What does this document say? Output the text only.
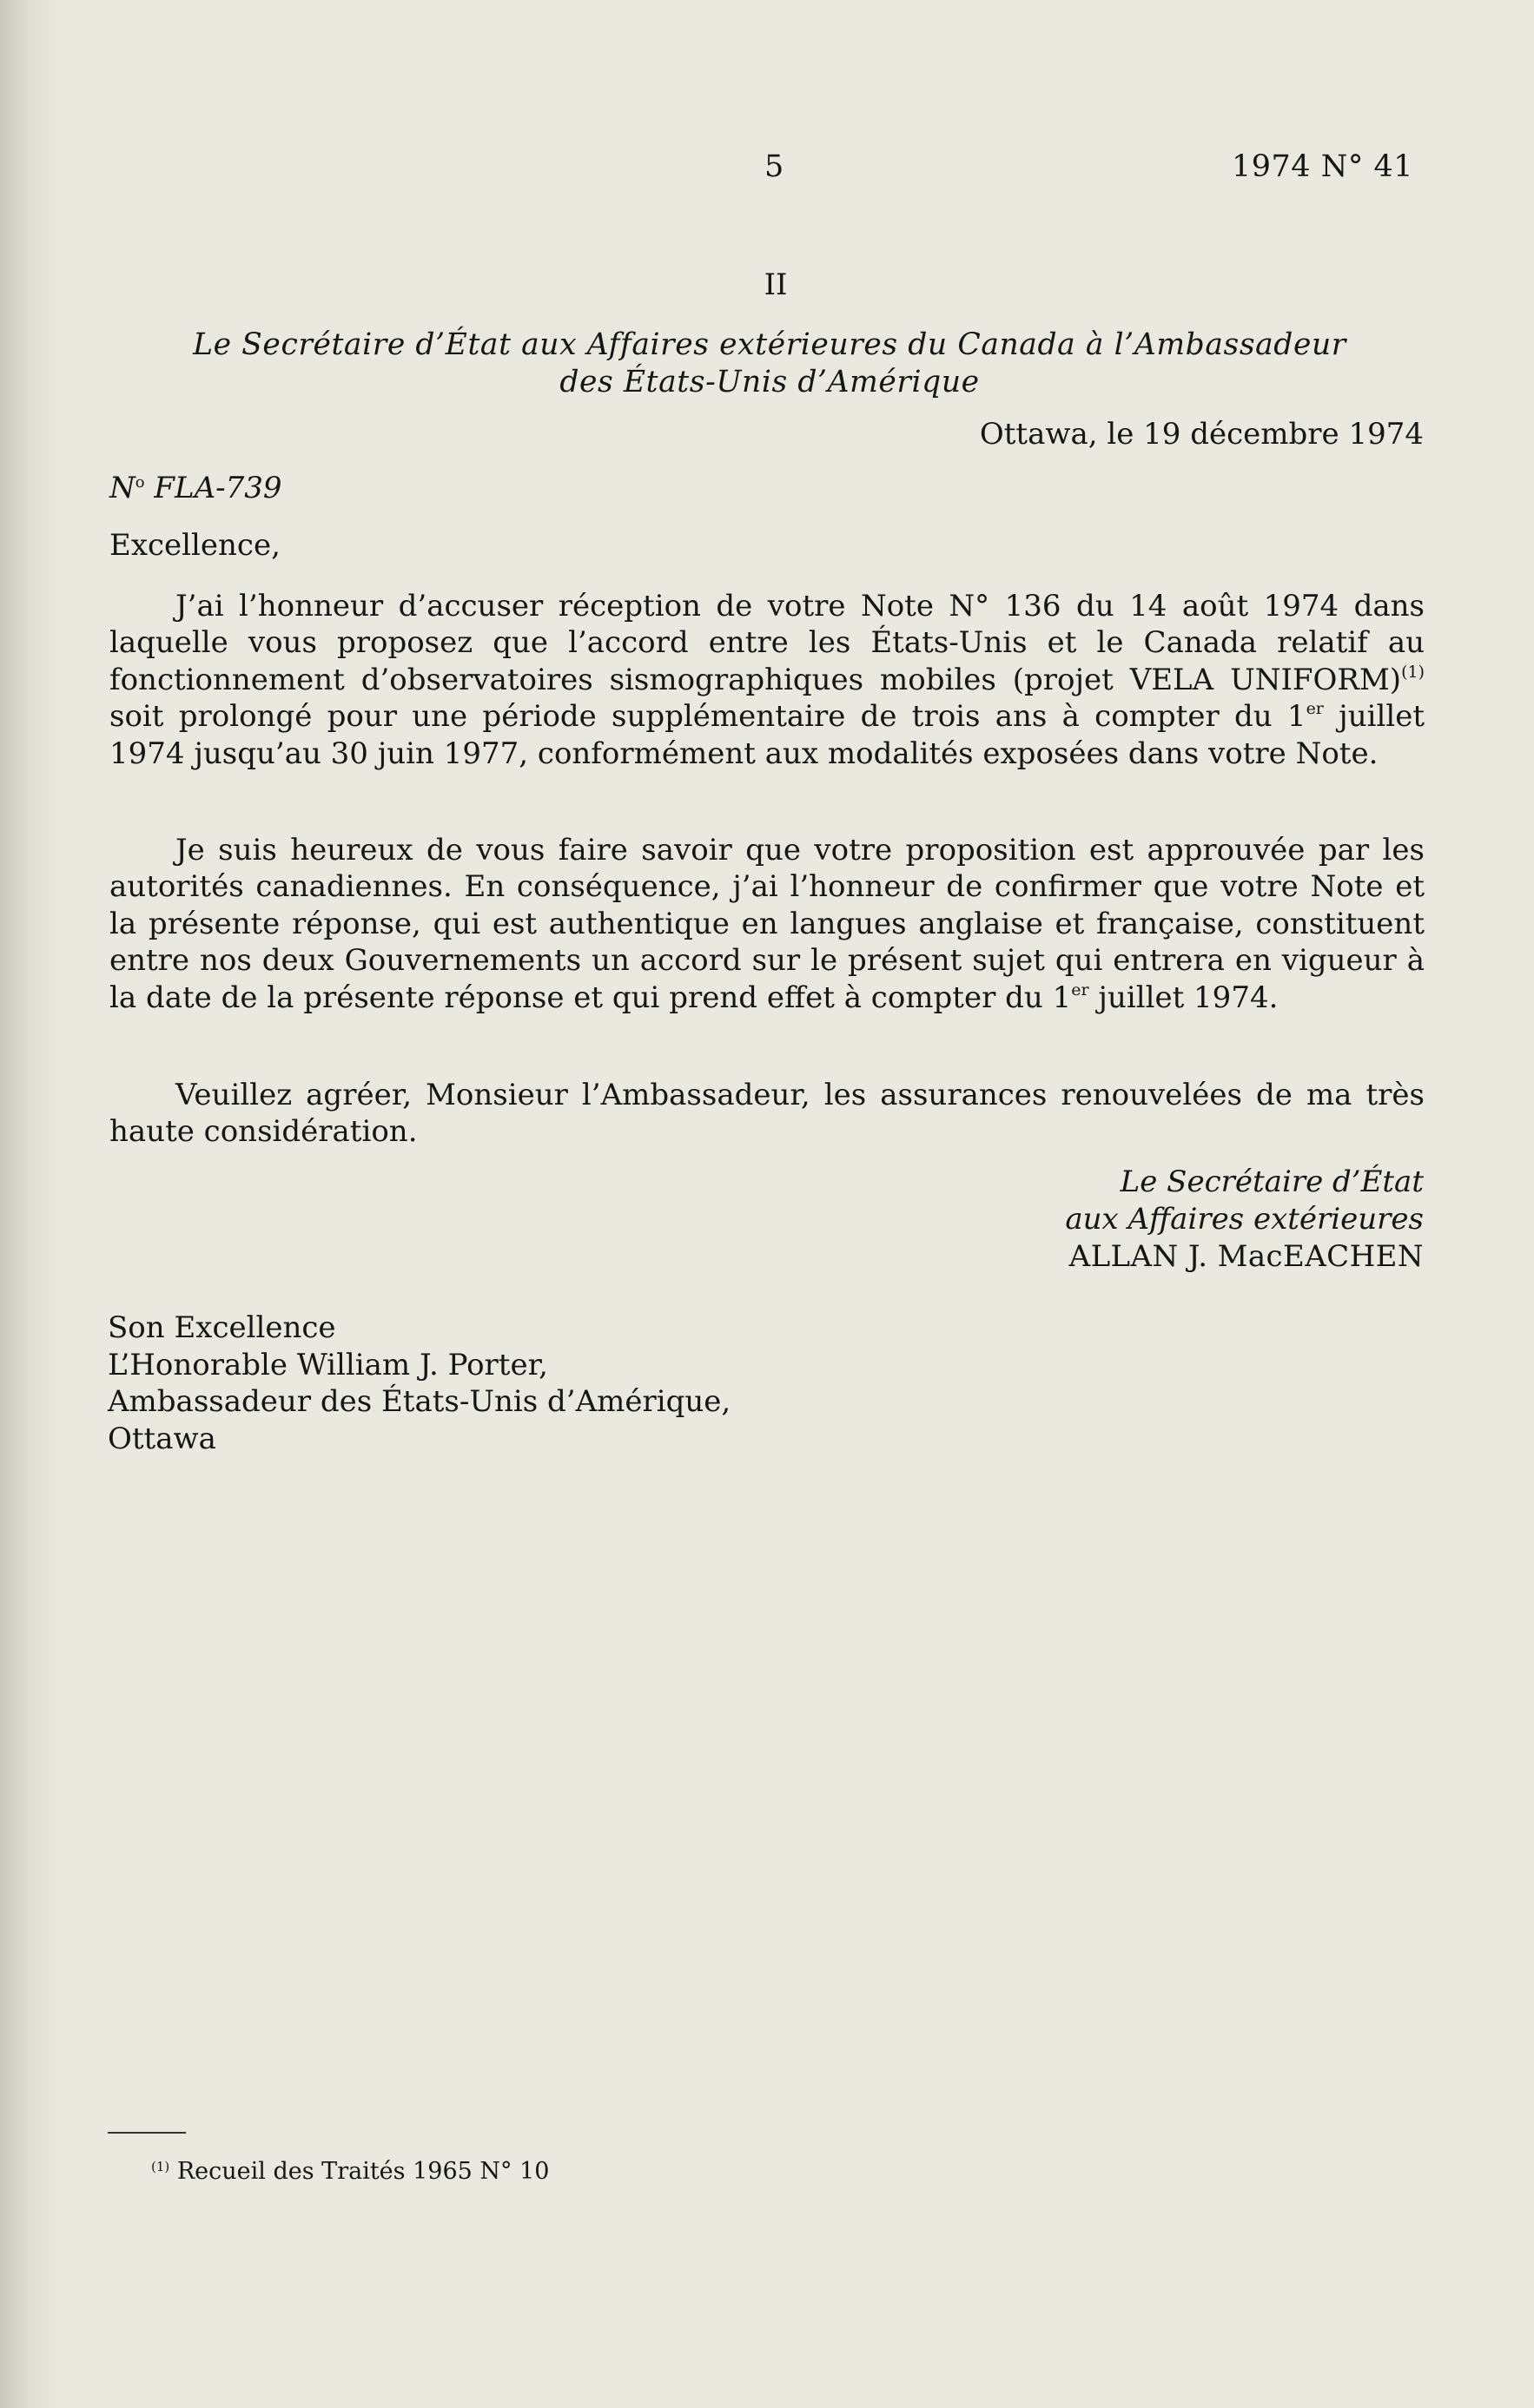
5	1974 N° 41
II
Le Secrétaire d’État aux Affaires extérieures du Canada à l’Ambassadeur
des États-Unis d’Amérique
Ottawa, le 19 décembre 1974
$N^o$ FLA-739
Excellence,

J’ai l’honneur d’accuser réception de votre Note N° 136 du 14 août 1974 dans laquelle vous proposez que l’accord entre les États-Unis et le Canada relatif au fonctionnement d’observatoires sismographiques mobiles (projet VELA UNIFORM)$^{(1)}$ soit prolongé pour une période supplémentaire de trois ans à compter du 1er juillet 1974 jusqu’au 30 juin 1977, conformément aux modalités exposées dans votre Note.

Je suis heureux de vous faire savoir que votre proposition est approuvée par les autorités canadiennes. En conséquence, j’ai l’honneur de confirmer que votre Note et la présente réponse, qui est authentique en langues anglaise et française, constituent entre nos deux Gouvernements un accord sur le présent sujet qui entrera en vigueur à la date de la présente réponse et qui prend effet à compter du 1er juillet 1974.

Veuillez agréer, Monsieur l’Ambassadeur, les assurances renouvelées de ma très haute considération.

Le Secrétaire d’État
aux Affaires extérieures
ALLAN J. MacEACHEN
Son Excellence
L’Honorable William J. Porter,
Ambassadeur des États-Unis d’Amérique,
Ottawa
$^{(1)}$ Recueil des Traités 1965 N° 10
